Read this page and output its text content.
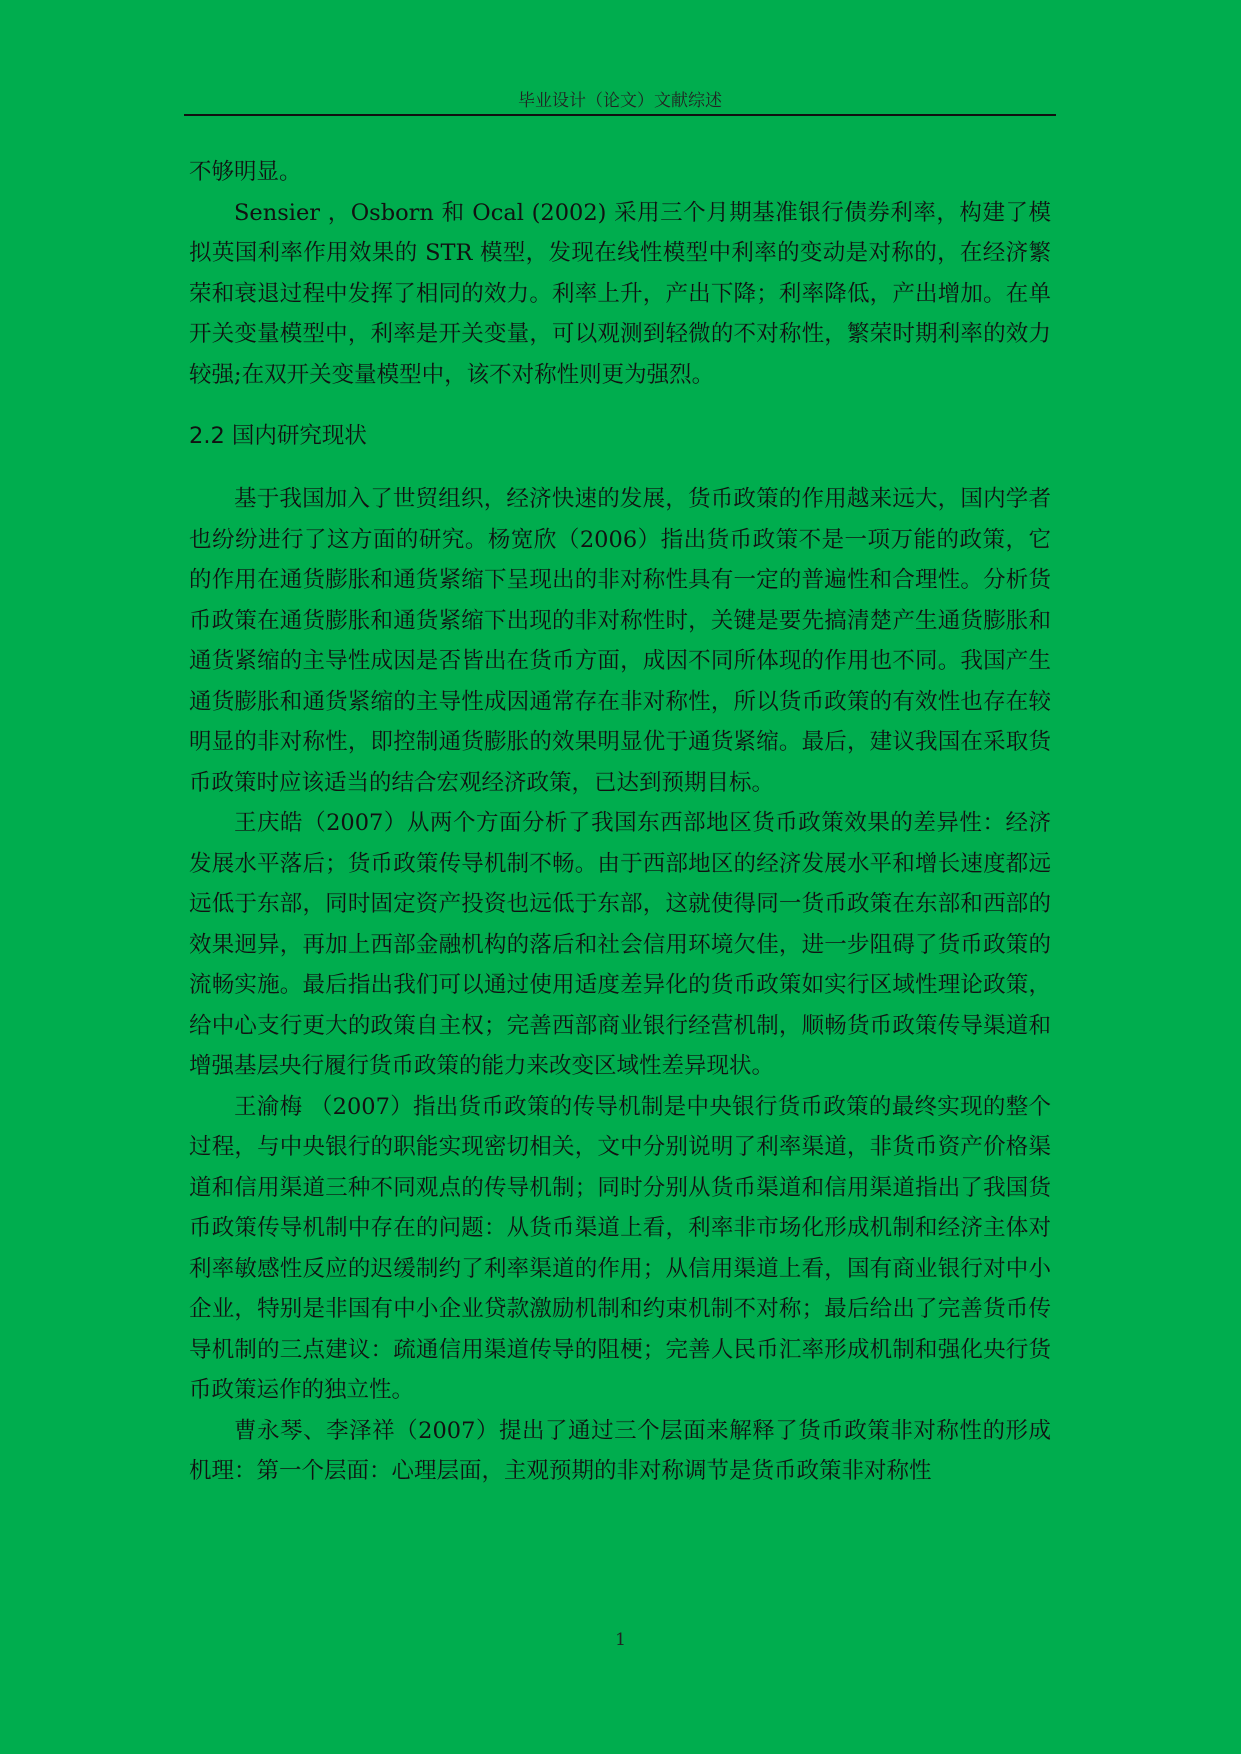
毕业设计（论文）文献综述

不够明显。

Sensier ，Osborn 和 Ocal (2002) 采用三个月期基准银行债券利率，构建了模拟英国利率作用效果的 STR 模型，发现在线性模型中利率的变动是对称的，在经济繁荣和衰退过程中发挥了相同的效力。利率上升，产出下降；利率降低，产出增加。在单开关变量模型中，利率是开关变量，可以观测到轻微的不对称性，繁荣时期利率的效力较强;在双开关变量模型中，该不对称性则更为强烈。

2.2 国内研究现状

基于我国加入了世贸组织，经济快速的发展，货币政策的作用越来远大，国内学者也纷纷进行了这方面的研究。杨宽欣（2006）指出货币政策不是一项万能的政策，它的作用在通货膨胀和通货紧缩下呈现出的非对称性具有一定的普遍性和合理性。分析货币政策在通货膨胀和通货紧缩下出现的非对称性时，关键是要先搞清楚产生通货膨胀和通货紧缩的主导性成因是否皆出在货币方面，成因不同所体现的作用也不同。我国产生通货膨胀和通货紧缩的主导性成因通常存在非对称性，所以货币政策的有效性也存在较明显的非对称性，即控制通货膨胀的效果明显优于通货紧缩。最后，建议我国在采取货币政策时应该适当的结合宏观经济政策，已达到预期目标。

王庆皓（2007）从两个方面分析了我国东西部地区货币政策效果的差异性：经济发展水平落后；货币政策传导机制不畅。由于西部地区的经济发展水平和增长速度都远远低于东部，同时固定资产投资也远低于东部，这就使得同一货币政策在东部和西部的效果迥异，再加上西部金融机构的落后和社会信用环境欠佳，进一步阻碍了货币政策的流畅实施。最后指出我们可以通过使用适度差异化的货币政策如实行区域性理论政策，给中心支行更大的政策自主权；完善西部商业银行经营机制，顺畅货币政策传导渠道和增强基层央行履行货币政策的能力来改变区域性差异现状。

王渝梅 （2007）指出货币政策的传导机制是中央银行货币政策的最终实现的整个过程，与中央银行的职能实现密切相关，文中分别说明了利率渠道，非货币资产价格渠道和信用渠道三种不同观点的传导机制；同时分别从货币渠道和信用渠道指出了我国货币政策传导机制中存在的问题：从货币渠道上看，利率非市场化形成机制和经济主体对利率敏感性反应的迟缓制约了利率渠道的作用；从信用渠道上看，国有商业银行对中小企业，特别是非国有中小企业贷款激励机制和约束机制不对称；最后给出了完善货币传导机制的三点建议：疏通信用渠道传导的阻梗；完善人民币汇率形成机制和强化央行货币政策运作的独立性。

曹永琴、李泽祥（2007）提出了通过三个层面来解释了货币政策非对称性的形成机理：第一个层面：心理层面，主观预期的非对称调节是货币政策非对称性

1
